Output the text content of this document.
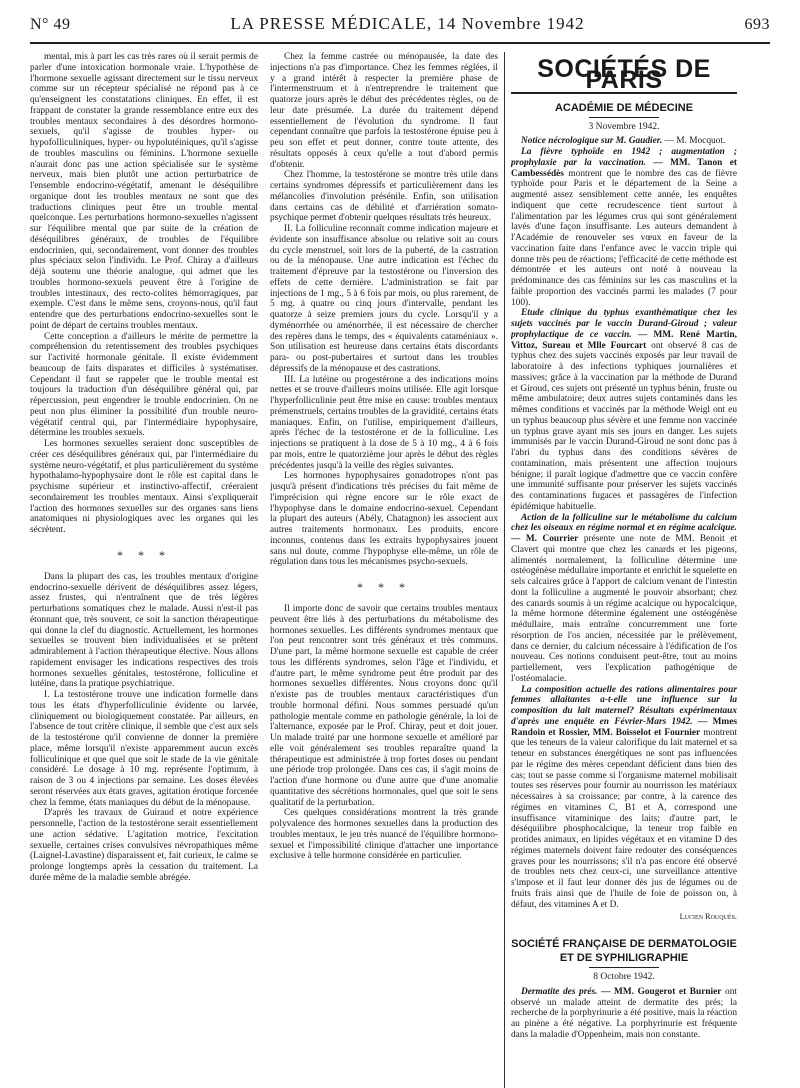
N° 49	LA PRESSE MÉDICALE, 14 Novembre 1942	693

mental, mis à part les cas très rares où il serait permis de parler d'une intoxication hormonale vraie. L'hypothèse de l'hormone sexuelle agissant directement sur le tissu nerveux comme sur un récepteur spécialisé ne répond pas à ce qu'enseignent les constatations cliniques. En effet, il est frappant de constater la grande ressemblance entre eux des troubles mentaux secondaires à des désordres hormono-sexuels, qu'il s'agisse de troubles hyper- ou hypofolliculiniques, hyper- ou hypolutéiniques, qu'il s'agisse de troubles masculins ou féminins. L'hormone sexuelle n'aurait donc pas une action spécialisée sur le système nerveux, mais bien plutôt une action perturbatrice de l'ensemble endocrino-végétatif, amenant le déséquilibre organique dont les troubles mentaux ne sont que des traductions cliniques peut être un trouble mental quelconque. Les perturbations hormono-sexuelles n'agissent sur l'équilibre mental que par suite de la création de déséquilibres généraux, de troubles de l'équilibre endocrinien, qui, secondairement, vont donner des troubles plus spéciaux selon l'individu. Le Prof. Chiray a d'ailleurs déjà soutenu une théorie analogue, qui admet que les troubles hormono-sexuels peuvent être à l'origine de troubles intestinaux, des recto-colites hémorragiques, par exemple. C'est dans le même sens, croyons-nous, qu'il faut entendre que des perturbations endocrino-sexuelles sont le point de départ de certains troubles mentaux.

Cette conception a d'ailleurs le mérite de permettre la compréhension du retentissement des troubles psychiques sur l'activité hormonale génitale. Il existe évidemment beaucoup de faits disparates et difficiles à systématiser. Cependant il faut se rappeler que le trouble mental est toujours la traduction d'un déséquilibre général qui, par répercussion, peut engendrer le trouble endocrinien. On ne peut non plus éliminer la possibilité d'un trouble neuro-végétatif central qui, par l'intermédiaire hypophysaire, détermine les troubles sexuels.

Les hormones sexuelles seraient donc susceptibles de créer ces déséquilibres généraux qui, par l'intermédiaire du système neuro-végétatif, et plus particulièrement du système hypothalamo-hypophysaire dont le rôle est capital dans le psychisme supérieur et instinctivo-affectif, créeraient secondairement les troubles mentaux. Ainsi s'expliquerait l'action des hormones sexuelles sur des organes sans liens anatomiques ni physiologiques avec les organes qui les sécrètent.

* * *

Dans la plupart des cas, les troubles mentaux d'origine endocrino-sexuelle dérivent de déséquilibres assez légers, assez frustes, qui n'entraînent que de très légères perturbations somatiques chez le malade. Aussi n'est-il pas étonnant que, très souvent, ce soit la sanction thérapeutique qui donne la clef du diagnostic. Actuellement, les hormones sexuelles se trouvent bien individualisées et se prêtent admirablement à l'action thérapeutique élective. Nous allons rapidement envisager les indications respectives des trois hormones sexuelles génitales, testostérone, folliculine et lutéine, dans la pratique psychiatrique.

I. La testostérone trouve une indication formelle dans tous les états d'hyperfolliculinie évidente ou larvée, cliniquement ou biologiquement constatée. Par ailleurs, en l'absence de tout critère clinique, il semble que c'est aux sels de la testostérone qu'il convienne de donner la première place, même lorsqu'il n'existe apparemment aucun excès folliculinique et que quel que soit le stade de la vie génitale considéré. Le dosage à 10 mg. représente l'optimum, à raison de 3 ou 4 injections par semaine. Les doses élevées seront réservées aux états graves, agitation érotique forcenée chez la femme, états maniaques du début de la ménopause.

D'après les travaux de Guiraud et notre expérience personnelle, l'action de la testostérone serait essentiellement une action sédative. L'agitation motrice, l'excitation sexuelle, certaines crises convulsives névropathiques même (Laignel-Lavastine) disparaissent et, fait curieux, le calme se prolonge longtemps après la cessation du traitement. La durée même de la maladie semble abrégée.

Chez la femme castrée ou ménopausée, la date des injections n'a pas d'importance. Chez les femmes réglées, il y a grand intérêt à respecter la première phase de l'intermenstruum et à n'entreprendre le traitement que quatorze jours après le début des précédentes règles, ou de leur date présumée. La durée du traitement dépend essentiellement de l'évolution du syndrome. Il faut cependant connaître que parfois la testostérone épuise peu à peu son effet et peut donner, contre toute attente, des résultats opposés à ceux qu'elle a tout d'abord permis d'obtenir.

Chez l'homme, la testostérone se montre très utile dans certains syndromes dépressifs et particulièrement dans les mélancolies d'involution présénile. Enfin, son utilisation dans certains cas de débilité et d'arriération somato-psychique permet d'obtenir quelques résultats très heureux.

II. La folliculine reconnaît comme indication majeure et évidente son insuffisance absolue ou relative soit au cours du cycle menstruel, soit lors de la puberté, de la castration ou de la ménopause. Une autre indication est l'échec du traitement d'épreuve par la testostérone ou l'inversion des effets de cette dernière. L'administration se fait par injections de 1 mg., 5 à 6 fois par mois, ou plus rarement, de 5 mg. à quatre ou cinq jours d'intervalle, pendant les quatorze à seize premiers jours du cycle. Lorsqu'il y a dyménorrhée ou aménorrhée, il est nécessaire de chercher des repères dans le temps, des « équivalents cataméniaux ». Son utilisation est heureuse dans certains états discordants para- ou post-pubertaires et surtout dans les troubles dépressifs de la ménopause et des castrations.

III. La lutéine ou progestérone a des indications moins nettes et se trouve d'ailleurs moins utilisée. Elle agit lorsque l'hyperfolliculinie peut être mise en cause: troubles mentaux prémenstruels, certains troubles de la gravidité, certains états maniaques. Enfin, on l'utilise, empiriquement d'ailleurs, après l'échec de la testostérone et de la folliculine. Les injections se pratiquent à la dose de 5 à 10 mg., 4 à 6 fois par mois, entre le quatorzième jour après le début des règles précédentes jusqu'à la veille des règles suivantes.

Les hormones hypophysaires gonadotropes n'ont pas jusqu'à présent d'indications très précises du fait même de l'imprécision qui règne encore sur le rôle exact de l'hypophyse dans le domaine endocrino-sexuel. Cependant la plupart des auteurs (Abély, Chatagnon) les associent aux autres traitements hormonaux. Les produits, encore inconnus, contenus dans les extraits hypophysaires jouent sans nul doute, comme l'hypophyse elle-même, un rôle de régulation dans tous les mécanismes psycho-sexuels.

* * *

Il importe donc de savoir que certains troubles mentaux peuvent être liés à des perturbations du métabolisme des hormones sexuelles. Les différents syndromes mentaux que l'on peut rencontrer sont très généraux et très communs. D'une part, la même hormone sexuelle est capable de créer tous les différents syndromes, selon l'âge et l'individu, et d'autre part, le même syndrome peut être produit par des hormones sexuelles différentes. Nous croyons donc qu'il n'existe pas de troubles mentaux caractéristiques d'un trouble hormonal défini. Nous sommes persuadé qu'un pathologie mentale comme en pathologie générale, la loi de l'alternance, exposée par le Prof. Chiray, peut et doit jouer. Un malade traité par une hormone sexuelle et amélioré par elle voit généralement ses troubles reparaître quand la thérapeutique est administrée à trop fortes doses ou pendant une période trop prolongée. Dans ces cas, il s'agit moins de l'action d'une hormone ou d'une autre que d'une anomalie quantitative des sécrétions hormonales, quel que soit le sens qualitatif de la perturbation.

Ces quelques considérations montrent la très grande polyvalence des hormones sexuelles dans la production des troubles mentaux, le jeu très nuancé de l'équilibre hormono-sexuel et l'impossibilité clinique d'attacher une importance exclusive à telle hormone considérée en particulier.

SOCIÉTÉS DE PARIS
ACADÉMIE DE MÉDECINE
3 Novembre 1942.

Notice nécrologique sur M. Gaudier. — M. Mocquot.

La fièvre typhoïde en 1942 ; augmentation ; prophylaxie par la vaccination. — MM. Tanon et Cambessédès montrent que le nombre des cas de fièvre typhoïde pour Paris et le département de la Seine a augmenté assez sensiblement cette année, les enquêtes indiquent que cette recrudescence tient surtout à l'alimentation par les légumes crus qui sont généralement lavés d'une façon insuffisante. Les auteurs demandent à l'Académie de renouveler ses vœux en faveur de la vaccination faite dans l'enfance avec le vaccin triple qui donne très peu de réactions; l'efficacité de cette méthode est démontrée et les auteurs ont noté à nouveau la prédominance des cas féminins sur les cas masculins et la faible proportion des vaccinés parmi les malades (7 pour 100).

Etude clinique du typhus exanthématique chez les sujets vaccinés par le vaccin Durand-Giroud ; valeur prophylactique de ce vaccin. — MM. René Martin, Vittoz, Sureau et Mlle Fourcart ont observé 8 cas de typhus chez des sujets vaccinés exposés par leur travail de laboratoire à des infections typhiques journalières et massives; grâce à la vaccination par la méthode de Durand et Giroud, ces sujets ont présenté un typhus bénin, fruste ou même ambulatoire; deux autres sujets contaminés dans les mêmes conditions et vaccinés par la méthode Weigl ont eu un typhus beaucoup plus sévère et une femme non vaccinée un typhus grave ayant mis ses jours en danger. Les sujets immunisés par le vaccin Durand-Giroud ne sont donc pas à l'abri du typhus dans des conditions sévères de contamination, mais présentent une affection toujours bénigne; il paraît logique d'admettre que ce vaccin confère une immunité suffisante pour préserver les sujets vaccinés des contaminations fugaces et passagères de l'infection épidémique habituelle.

Action de la folliculine sur le métabolisme du calcium chez les oiseaux en régime normal et en régime acalcique. — M. Courrier présente une note de MM. Benoit et Clavert qui montre que chez les canards et les pigeons, alimentés normalement, la folliculine détermine une ostéogénèse médullaire importante et enrichit le squelette en sels calcaires grâce à l'apport de calcium venant de l'intestin dont la folliculine a augmenté le pouvoir absorbant; chez des canards soumis à un régime acalcique ou hypocalcique, la même hormone détermine également une ostéogénèse médullaire, mais entraîne concurremment une forte résorption de l'os ancien, nécessitée par le prélèvement, dans ce dernier, du calcium nécessaire à l'édification de l'os nouveau. Ces notions conduisent peut-être, tout au moins partiellement, vers l'explication pathogénique de l'ostéomalacie.

La composition actuelle des rations alimentaires pour femmes allaitantes a-t-elle une influence sur la composition du lait maternel? Résultats expérimentaux d'après une enquête en Février-Mars 1942. — Mmes Randoin et Rossier, MM. Boisselot et Fournier montrent que les teneurs de la valeur calorifique du lait maternel et sa teneur en substances énergétiques ne sont pas influencées par le régime des mères cependant déficient dans bien des cas; tout se passe comme si l'organisme maternel mobilisait toutes ses réserves pour fournir au nourrisson les matériaux nécessaires à sa croissance; par contre, à la carence des régimes en vitamines C, B1 et A, correspond une insuffisance vitaminique des laits; d'autre part, le déséquilibre phosphocalcique, la teneur trop faible en protides animaux, en lipides végétaux et en vitamine D des régimes maternels doivent faire redouter des conséquences graves pour les nourrissons; s'il n'a pas encore été observé de troubles nets chez ceux-ci, une surveillance attentive s'impose et il faut leur donner dès jus de légumes ou de fruits frais ainsi que de l'huile de foie de poisson ou, à défaut, des vitamines A et D.

Lucien Rouquès.
SOCIÉTÉ FRANÇAISE DE DERMATOLOGIE
ET DE SYPHILIGRAPHIE
8 Octobre 1942.

Dermatite des prés. — MM. Gougerot et Burnier ont observé un malade atteint de dermatite des prés; la recherche de la porphyrinurie a été positive, mais la réaction au pinène a été négative. La porphyrinurie est fréquente dans la maladie d'Oppenheim, mais non constante.
